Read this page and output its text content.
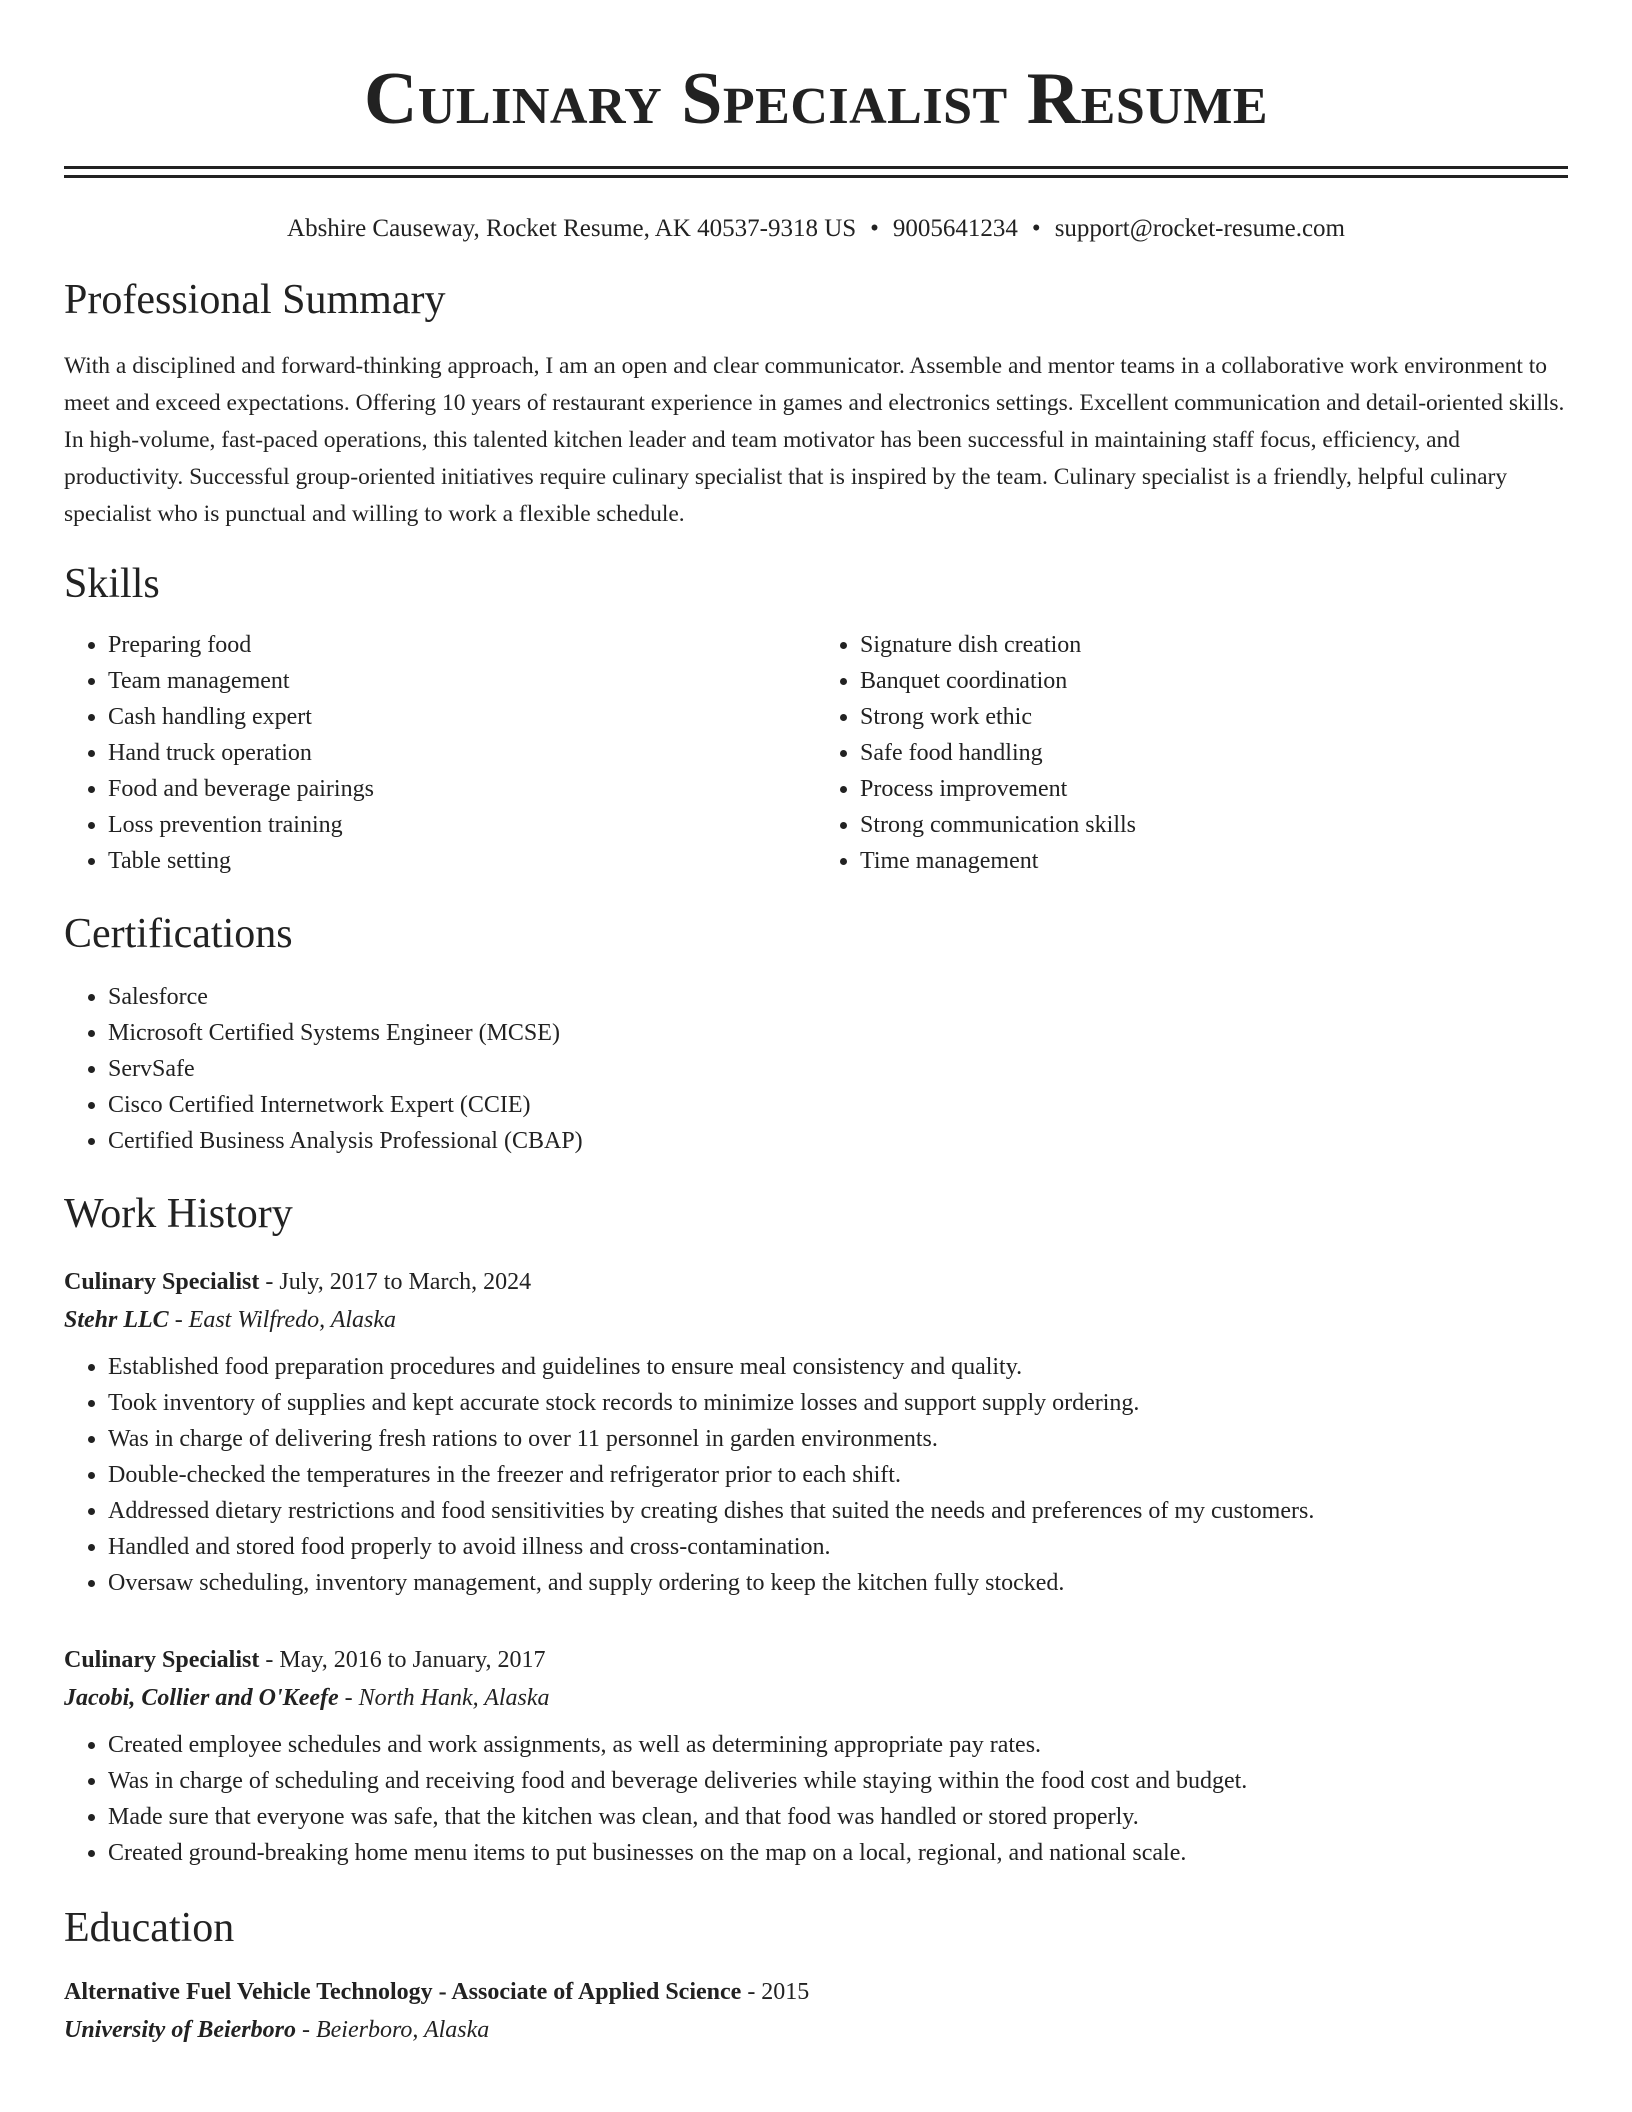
Culinary Specialist Resume
Abshire Causeway, Rocket Resume, AK 40537-9318 US • 9005641234 • support@rocket-resume.com
Professional Summary

With a disciplined and forward-thinking approach, I am an open and clear communicator. Assemble and mentor teams in a collaborative work environment to meet and exceed expectations. Offering 10 years of restaurant experience in games and electronics settings. Excellent communication and detail-oriented skills. In high-volume, fast-paced operations, this talented kitchen leader and team motivator has been successful in maintaining staff focus, efficiency, and productivity. Successful group-oriented initiatives require culinary specialist that is inspired by the team. Culinary specialist is a friendly, helpful culinary specialist who is punctual and willing to work a flexible schedule.

Skills
• Preparing food
• Team management
• Cash handling expert
• Hand truck operation
• Food and beverage pairings
• Loss prevention training
• Table setting
• Signature dish creation
• Banquet coordination
• Strong work ethic
• Safe food handling
• Process improvement
• Strong communication skills
• Time management
Certifications
• Salesforce
• Microsoft Certified Systems Engineer (MCSE)
• ServSafe
• Cisco Certified Internetwork Expert (CCIE)
• Certified Business Analysis Professional (CBAP)
Work History
Culinary Specialist - July, 2017 to March, 2024
Stehr LLC - East Wilfredo, Alaska
• Established food preparation procedures and guidelines to ensure meal consistency and quality.
• Took inventory of supplies and kept accurate stock records to minimize losses and support supply ordering.
• Was in charge of delivering fresh rations to over 11 personnel in garden environments.
• Double-checked the temperatures in the freezer and refrigerator prior to each shift.
• Addressed dietary restrictions and food sensitivities by creating dishes that suited the needs and preferences of my customers.
• Handled and stored food properly to avoid illness and cross-contamination.
• Oversaw scheduling, inventory management, and supply ordering to keep the kitchen fully stocked.
Culinary Specialist - May, 2016 to January, 2017
Jacobi, Collier and O'Keefe - North Hank, Alaska
• Created employee schedules and work assignments, as well as determining appropriate pay rates.
• Was in charge of scheduling and receiving food and beverage deliveries while staying within the food cost and budget.
• Made sure that everyone was safe, that the kitchen was clean, and that food was handled or stored properly.
• Created ground-breaking home menu items to put businesses on the map on a local, regional, and national scale.
Education
Alternative Fuel Vehicle Technology - Associate of Applied Science - 2015
University of Beierboro - Beierboro, Alaska
